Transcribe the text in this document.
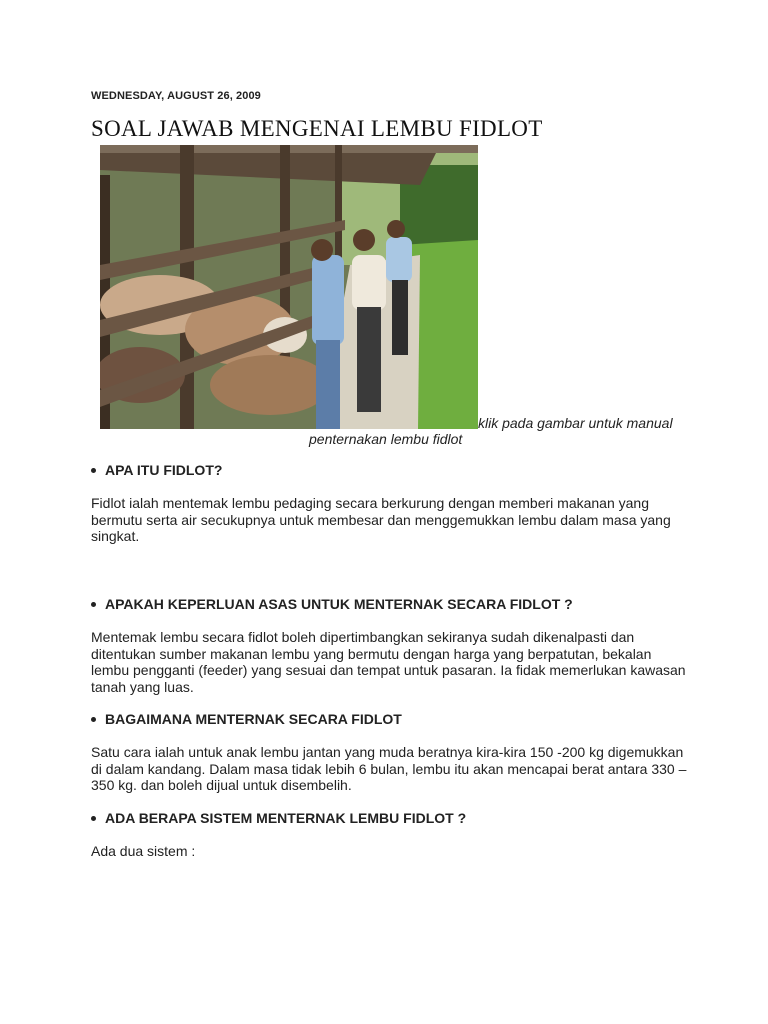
WEDNESDAY, AUGUST 26, 2009
SOAL JAWAB MENGENAI LEMBU FIDLOT
klik pada gambar untuk manual
penternakan lembu fidlot
APA ITU FIDLOT?

Fidlot ialah mentemak lembu pedaging secara berkurung dengan memberi makanan yang bermutu serta air secukupnya untuk membesar dan menggemukkan lembu dalam masa yang singkat.

APAKAH KEPERLUAN ASAS UNTUK MENTERNAK SECARA FIDLOT ?

Mentemak lembu secara fidlot boleh dipertimbangkan sekiranya sudah dikenalpasti dan ditentukan sumber makanan lembu yang bermutu dengan harga yang berpatutan, bekalan lembu pengganti (feeder) yang sesuai dan tempat untuk pasaran. Ia fidak memerlukan kawasan tanah yang luas.

BAGAIMANA MENTERNAK SECARA FIDLOT

Satu cara ialah untuk anak lembu jantan yang muda beratnya kira-kira 150 -200 kg digemukkan di dalam kandang. Dalam masa tidak lebih 6 bulan, lembu itu akan mencapai berat antara 330 – 350 kg. dan boleh dijual untuk disembelih.

ADA BERAPA SISTEM MENTERNAK LEMBU FIDLOT ?

Ada dua sistem :
